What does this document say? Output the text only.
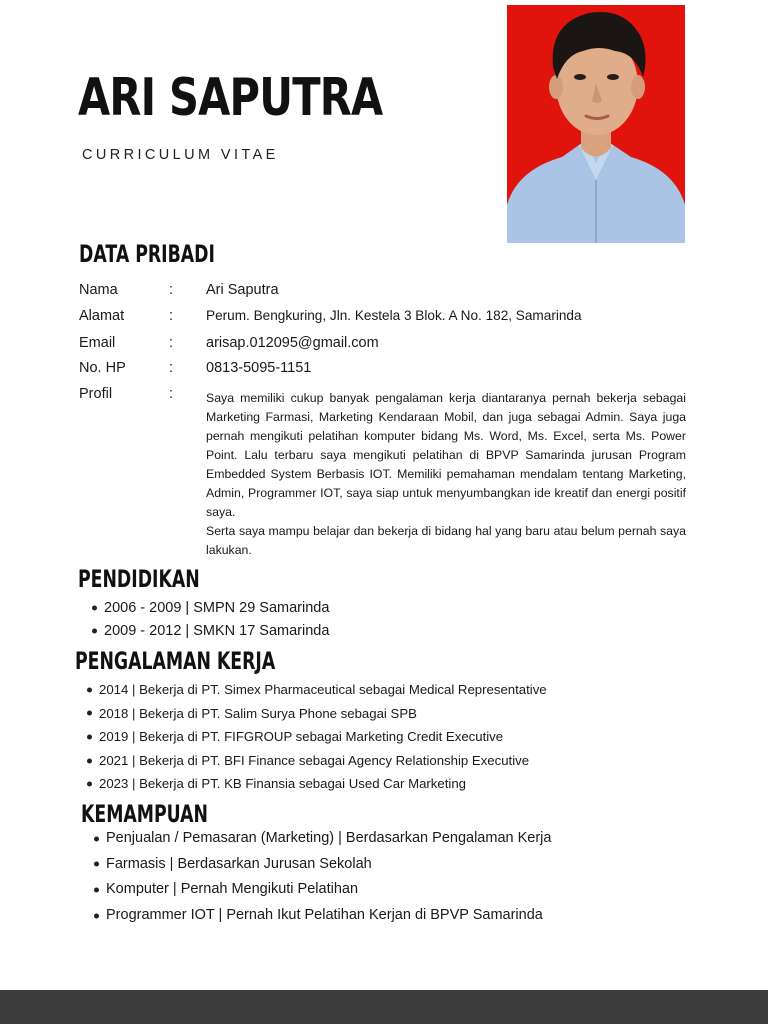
ARI SAPUTRA
CURRICULUM VITAE
DATA PRIBADI
Nama	: Ari Saputra
Alamat	: Perum. Bengkuring, Jln. Kestela 3 Blok. A No. 182, Samarinda
Email	: arisap.012095@gmail.com
No. HP	: 0813-5095-1151
Profil	:	Saya memiliki cukup banyak pengalaman kerja diantaranya pernah bekerja sebagai Marketing Farmasi, Marketing Kendaraan Mobil, dan juga sebagai Admin. Saya juga pernah mengikuti pelatihan komputer bidang Ms. Word, Ms. Excel, serta Ms. Power Point. Lalu terbaru saya mengikuti pelatihan di BPVP Samarinda jurusan Program Embedded System Berbasis IOT. Memiliki pemahaman mendalam tentang Marketing, Admin, Programmer IOT, saya siap untuk menyumbangkan ide kreatif dan energi positif saya.

Serta saya mampu belajar dan bekerja di bidang hal yang baru atau belum pernah saya lakukan.

PENDIDIKAN
2006 - 2009 | SMPN 29 Samarinda
2009 - 2012 | SMKN 17 Samarinda
PENGALAMAN KERJA
2014 | Bekerja di PT. Simex Pharmaceutical sebagai Medical Representative
2018 | Bekerja di PT. Salim Surya Phone sebagai SPB
2019 | Bekerja di PT. FIFGROUP sebagai Marketing Credit Executive
2021 | Bekerja di PT. BFI Finance sebagai Agency Relationship Executive
2023 | Bekerja di PT. KB Finansia sebagai Used Car Marketing
KEMAMPUAN
Penjualan / Pemasaran (Marketing) | Berdasarkan Pengalaman Kerja
Farmasis | Berdasarkan Jurusan Sekolah
Komputer | Pernah Mengikuti Pelatihan
Programmer IOT | Pernah Ikut Pelatihan Kerjan di BPVP Samarinda
